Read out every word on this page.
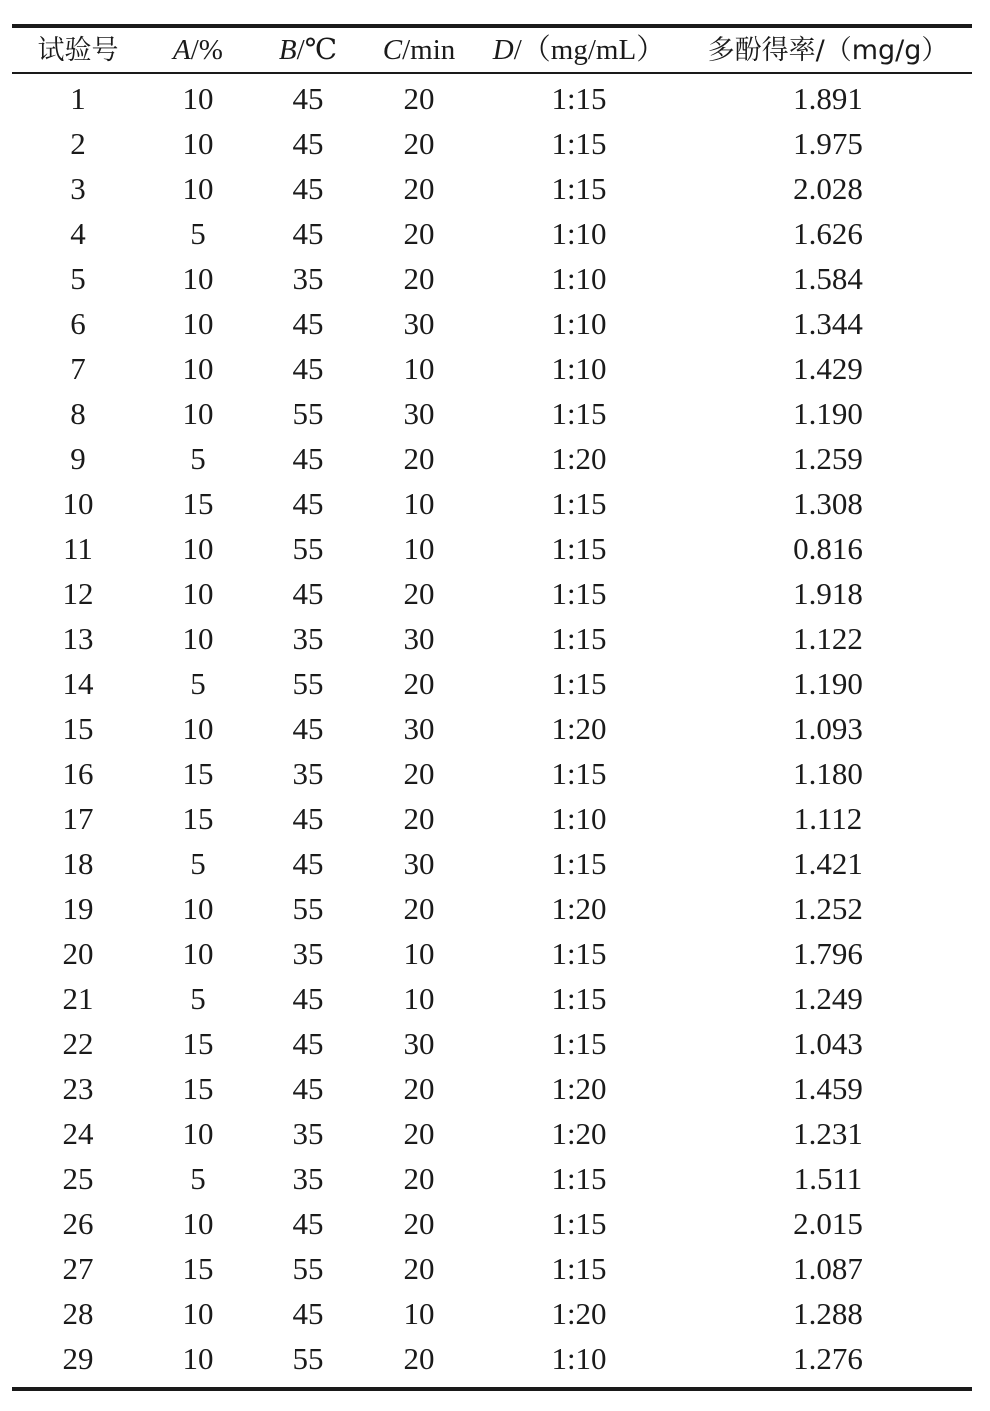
试验号	A/%	B/℃	C/min	D/（mg/mL）	多酚得率/（mg/g）
1	10	45	20	1:15	1.891
2	10	45	20	1:15	1.975
3	10	45	20	1:15	2.028
4	5	45	20	1:10	1.626
5	10	35	20	1:10	1.584
6	10	45	30	1:10	1.344
7	10	45	10	1:10	1.429
8	10	55	30	1:15	1.190
9	5	45	20	1:20	1.259
10	15	45	10	1:15	1.308
11	10	55	10	1:15	0.816
12	10	45	20	1:15	1.918
13	10	35	30	1:15	1.122
14	5	55	20	1:15	1.190
15	10	45	30	1:20	1.093
16	15	35	20	1:15	1.180
17	15	45	20	1:10	1.112
18	5	45	30	1:15	1.421
19	10	55	20	1:20	1.252
20	10	35	10	1:15	1.796
21	5	45	10	1:15	1.249
22	15	45	30	1:15	1.043
23	15	45	20	1:20	1.459
24	10	35	20	1:20	1.231
25	5	35	20	1:15	1.511
26	10	45	20	1:15	2.015
27	15	55	20	1:15	1.087
28	10	45	10	1:20	1.288
29	10	55	20	1:10	1.276
